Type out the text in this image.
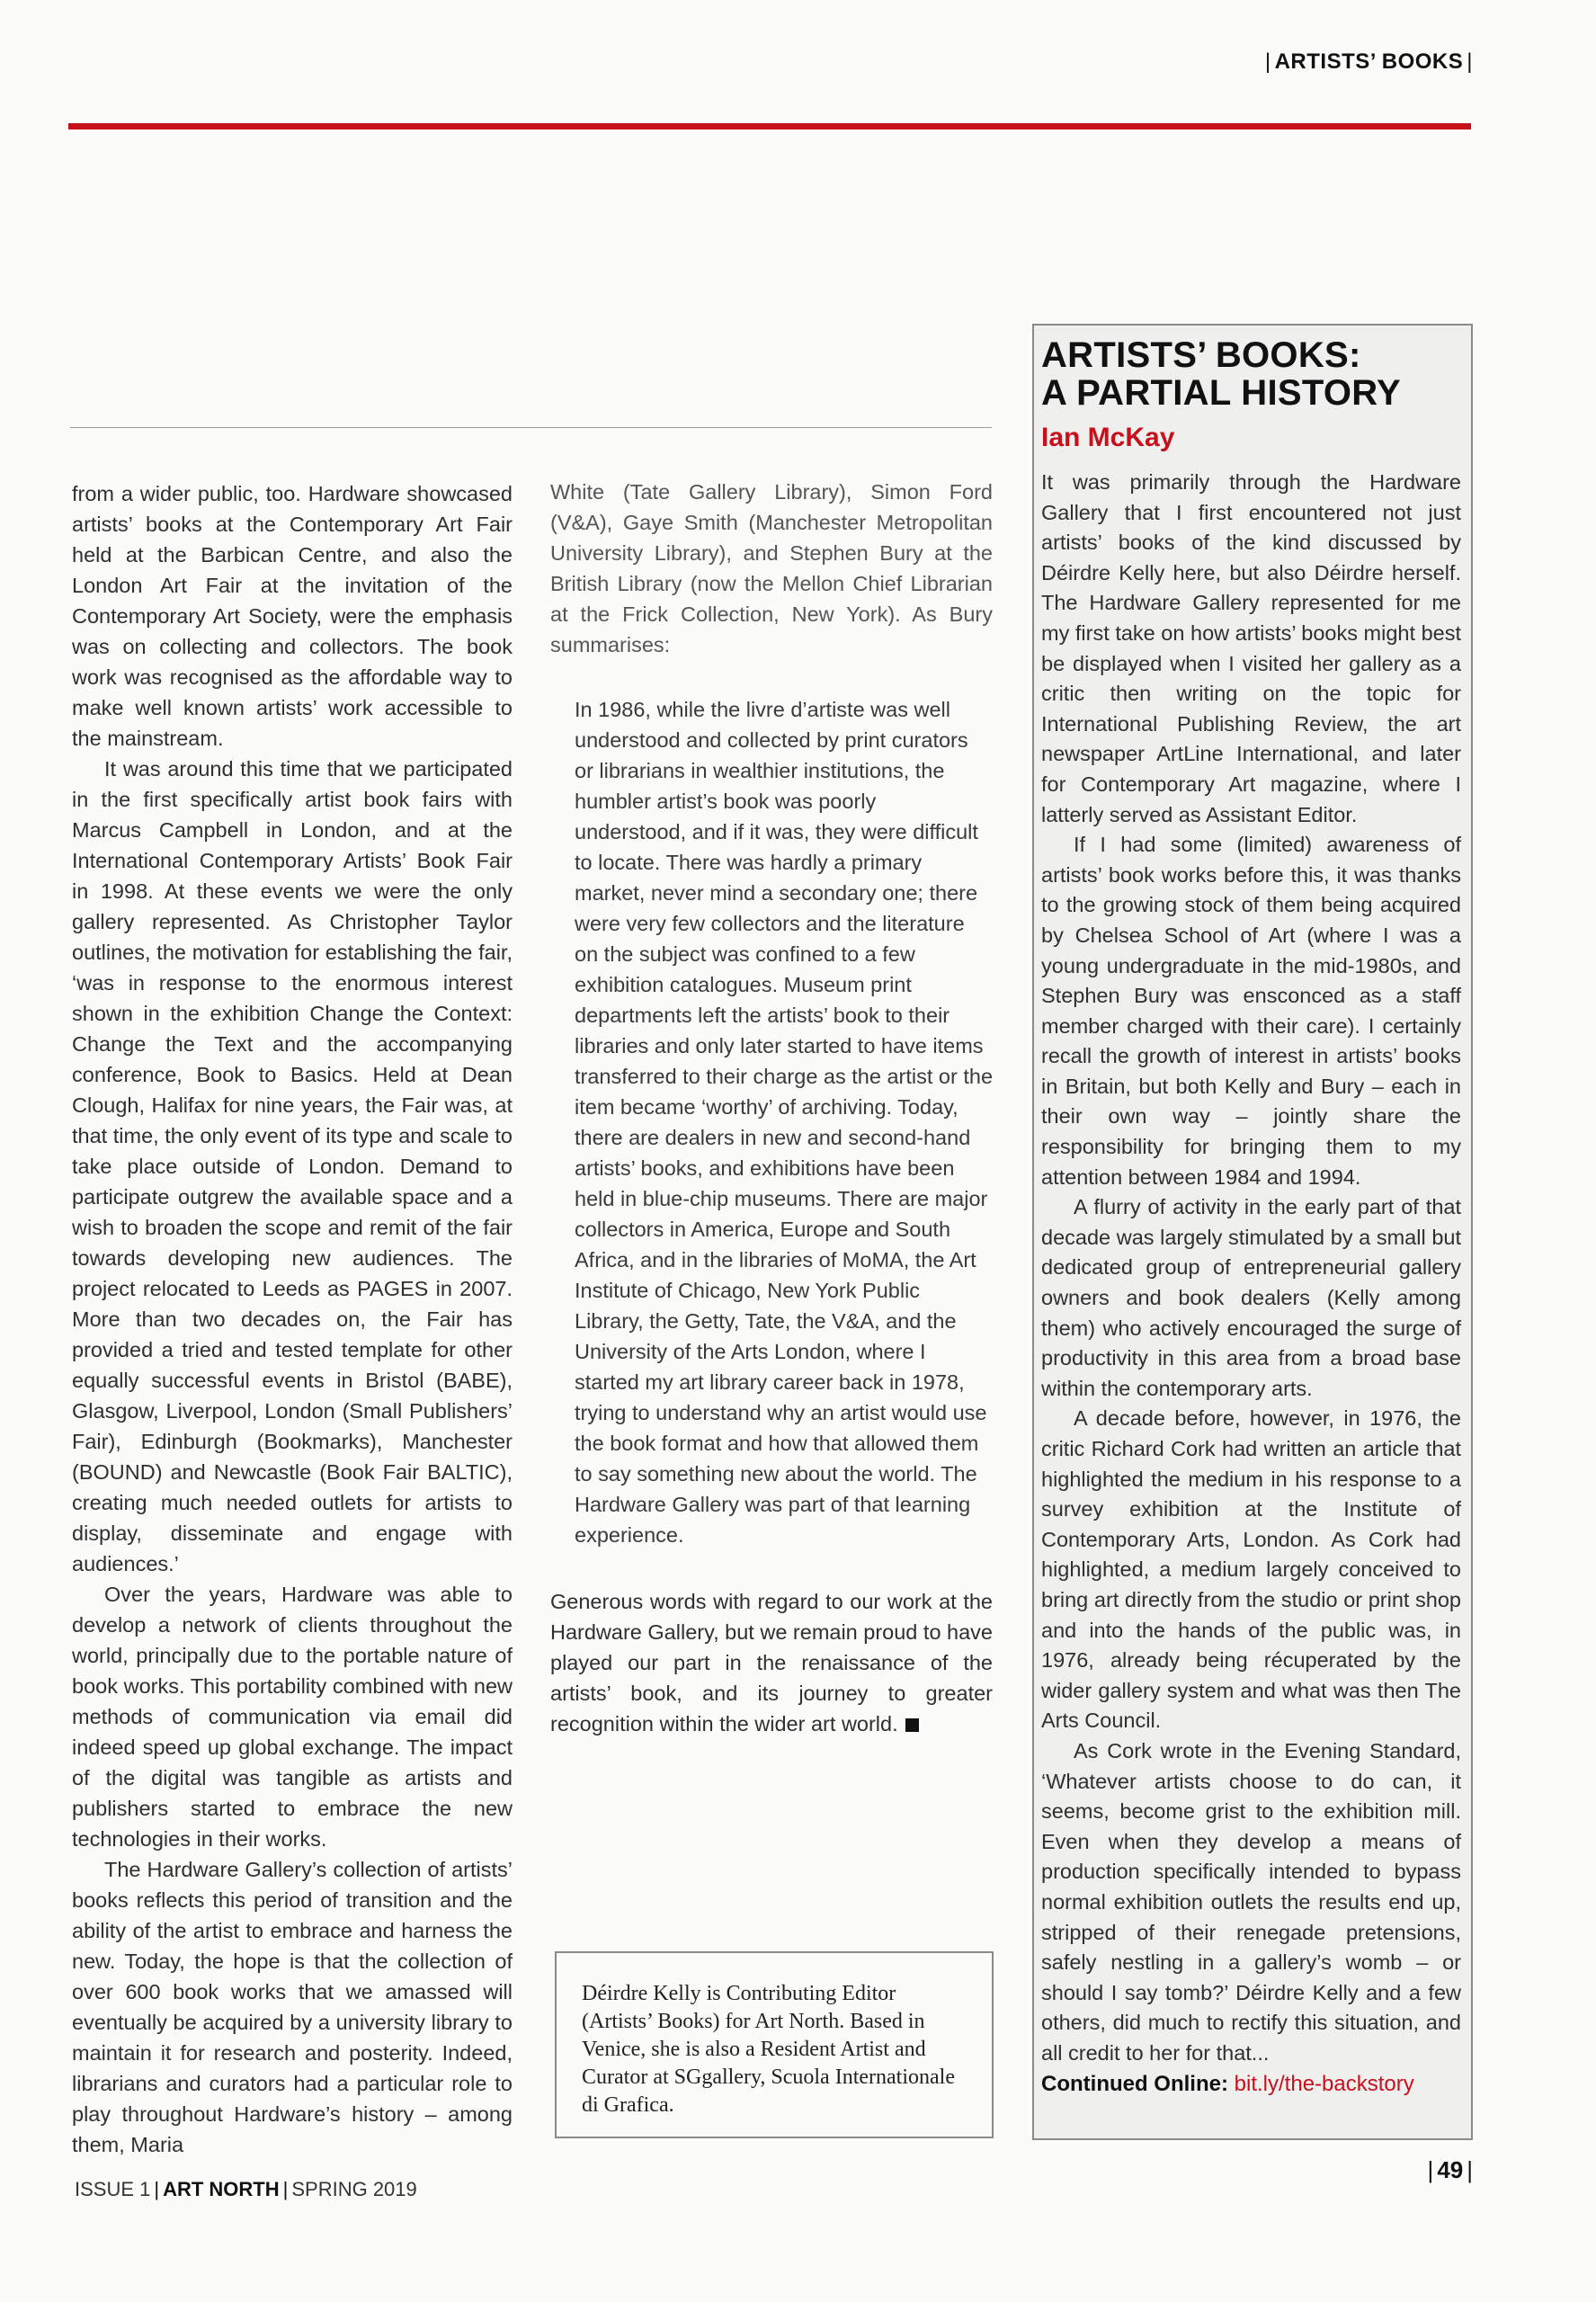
| ARTISTS’ BOOKS |

from a wider public, too. Hardware showcased artists’ books at the Contemporary Art Fair held at the Barbican Centre, and also the London Art Fair at the invitation of the Contemporary Art Society, were the emphasis was on collecting and collectors. The book work was recognised as the affordable way to make well known artists’ work accessible to the mainstream.

It was around this time that we participated in the first specifically artist book fairs with Marcus Campbell in London, and at the International Contemporary Artists’ Book Fair in 1998. At these events we were the only gallery represented. As Christopher Taylor outlines, the motivation for establishing the fair, ‘was in response to the enormous interest shown in the exhibition Change the Context: Change the Text and the accompanying conference, Book to Basics. Held at Dean Clough, Halifax for nine years, the Fair was, at that time, the only event of its type and scale to take place outside of London. Demand to participate outgrew the available space and a wish to broaden the scope and remit of the fair towards developing new audiences. The project relocated to Leeds as PAGES in 2007. More than two decades on, the Fair has provided a tried and tested template for other equally successful events in Bristol (BABE), Glasgow, Liverpool, London (Small Publishers’ Fair), Edinburgh (Bookmarks), Manchester (BOUND) and Newcastle (Book Fair BALTIC), creating much needed outlets for artists to display, disseminate and engage with audiences.’

Over the years, Hardware was able to develop a network of clients throughout the world, principally due to the portable nature of book works. This portability combined with new methods of communication via email did indeed speed up global exchange. The impact of the digital was tangible as artists and publishers started to embrace the new technologies in their works.

The Hardware Gallery’s collection of artists’ books reflects this period of transition and the ability of the artist to embrace and harness the new. Today, the hope is that the collection of over 600 book works that we amassed will eventually be acquired by a university library to maintain it for research and posterity. Indeed, librarians and curators had a particular role to play throughout Hardware’s history – among them, Maria

White (Tate Gallery Library), Simon Ford (V&A), Gaye Smith (Manchester Metropolitan University Library), and Stephen Bury at the British Library (now the Mellon Chief Librarian at the Frick Collection, New York). As Bury summarises:

In 1986, while the livre d’artiste was well understood and collected by print curators or librarians in wealthier institutions, the humbler artist’s book was poorly understood, and if it was, they were difficult to locate. There was hardly a primary market, never mind a secondary one; there were very few collectors and the literature on the subject was confined to a few exhibition catalogues. Museum print departments left the artists’ book to their libraries and only later started to have items transferred to their charge as the artist or the item became ‘worthy’ of archiving. Today, there are dealers in new and second-hand artists’ books, and exhibitions have been held in blue-chip museums. There are major collectors in America, Europe and South Africa, and in the libraries of MoMA, the Art Institute of Chicago, New York Public Library, the Getty, Tate, the V&A, and the University of the Arts London, where I started my art library career back in 1978, trying to understand why an artist would use the book format and how that allowed them to say something new about the world. The Hardware Gallery was part of that learning experience.

Generous words with regard to our work at the Hardware Gallery, but we remain proud to have played our part in the renaissance of the artists’ book, and its journey to greater recognition within the wider art world.

Déirdre Kelly is Contributing Editor (Artists’ Books) for Art North. Based in Venice, she is also a Resident Artist and Curator at SGgallery, Scuola Internationale di Grafica.
ARTISTS’ BOOKS:
A PARTIAL HISTORY
Ian McKay

It was primarily through the Hardware Gallery that I first encountered not just artists’ books of the kind discussed by Déirdre Kelly here, but also Déirdre herself. The Hardware Gallery represented for me my first take on how artists’ books might best be displayed when I visited her gallery as a critic then writing on the topic for International Publishing Review, the art newspaper ArtLine International, and later for Contemporary Art magazine, where I latterly served as Assistant Editor.

If I had some (limited) awareness of artists’ book works before this, it was thanks to the growing stock of them being acquired by Chelsea School of Art (where I was a young undergraduate in the mid-1980s, and Stephen Bury was ensconced as a staff member charged with their care). I certainly recall the growth of interest in artists’ books in Britain, but both Kelly and Bury – each in their own way – jointly share the responsibility for bringing them to my attention between 1984 and 1994.

A flurry of activity in the early part of that decade was largely stimulated by a small but dedicated group of entrepreneurial gallery owners and book dealers (Kelly among them) who actively encouraged the surge of productivity in this area from a broad base within the contemporary arts.

A decade before, however, in 1976, the critic Richard Cork had written an article that highlighted the medium in his response to a survey exhibition at the Institute of Contemporary Arts, London. As Cork had highlighted, a medium largely conceived to bring art directly from the studio or print shop and into the hands of the public was, in 1976, already being récuperated by the wider gallery system and what was then The Arts Council.

As Cork wrote in the Evening Standard, ‘Whatever artists choose to do can, it seems, become grist to the exhibition mill. Even when they develop a means of production specifically intended to bypass normal exhibition outlets the results end up, stripped of their renegade pretensions, safely nestling in a gallery’s womb – or should I say tomb?’ Déirdre Kelly and a few others, did much to rectify this situation, and all credit to her for that...

Continued Online: bit.ly/the-backstory
ISSUE 1 | ART NORTH | SPRING 2019
| 49 |
